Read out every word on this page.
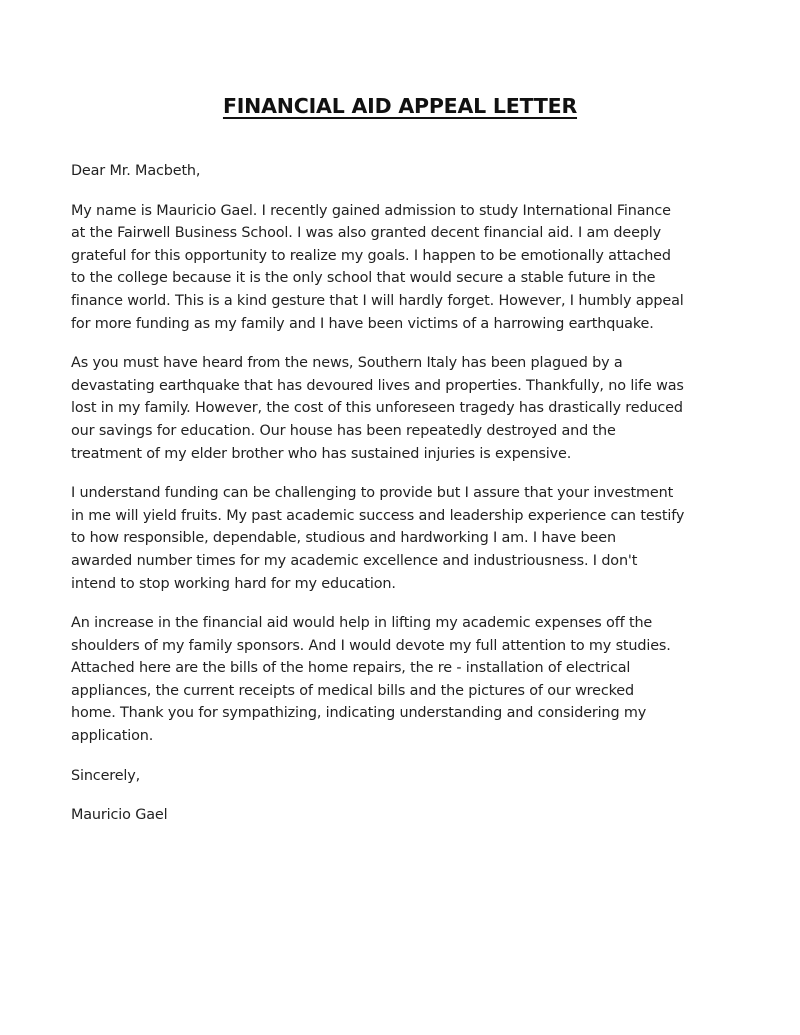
FINANCIAL AID APPEAL LETTER

Dear Mr. Macbeth,

My name is Mauricio Gael. I recently gained admission to study International Finance
at the Fairwell Business School. I was also granted decent financial aid. I am deeply
grateful for this opportunity to realize my goals. I happen to be emotionally attached
to the college because it is the only school that would secure a stable future in the
finance world. This is a kind gesture that I will hardly forget. However, I humbly appeal
for more funding as my family and I have been victims of a harrowing earthquake.

As you must have heard from the news, Southern Italy has been plagued by a
devastating earthquake that has devoured lives and properties. Thankfully, no life was
lost in my family. However, the cost of this unforeseen tragedy has drastically reduced
our savings for education. Our house has been repeatedly destroyed and the
treatment of my elder brother who has sustained injuries is expensive.

I understand funding can be challenging to provide but I assure that your investment
in me will yield fruits. My past academic success and leadership experience can testify
to how responsible, dependable, studious and hardworking I am. I have been
awarded number times for my academic excellence and industriousness. I don't
intend to stop working hard for my education.

An increase in the financial aid would help in lifting my academic expenses off the
shoulders of my family sponsors. And I would devote my full attention to my studies.
Attached here are the bills of the home repairs, the re - installation of electrical
appliances, the current receipts of medical bills and the pictures of our wrecked
home. Thank you for sympathizing, indicating understanding and considering my
application.

Sincerely,

Mauricio Gael
